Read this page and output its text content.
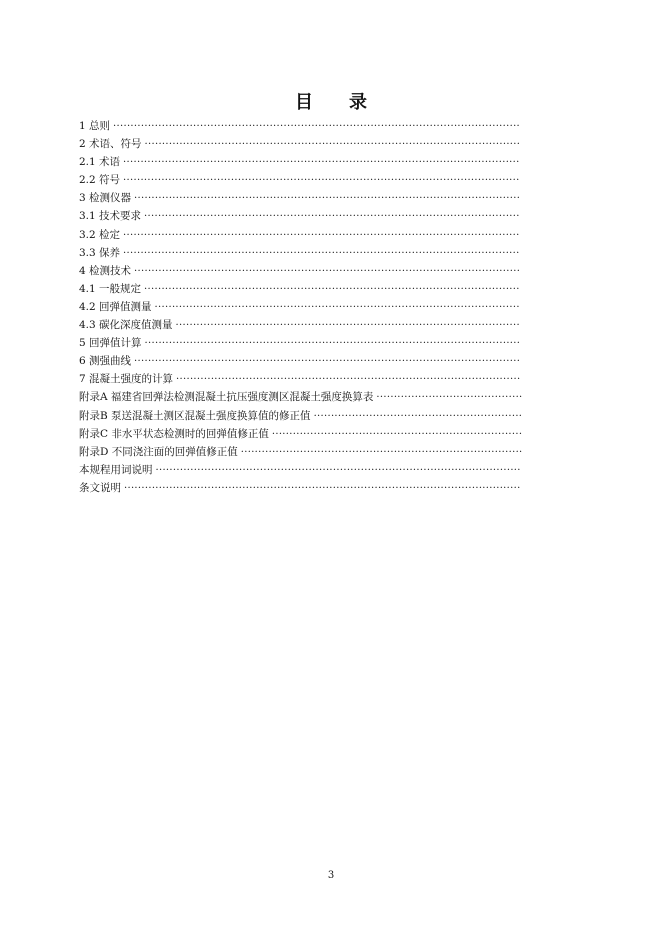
目　　录
1 总则 ·····················································································································
2 术语、符号 ············································································································
2.1 术语 ··················································································································
2.2 符号 ··················································································································
3 检测仪器 ···············································································································
3.1 技术要求 ············································································································
3.2 检定 ··················································································································
3.3 保养 ··················································································································
4 检测技术 ···············································································································
4.1 一般规定 ············································································································
4.2 回弹值测量 ·········································································································
4.3 碳化深度值测量 ···································································································
5 回弹值计算 ············································································································
6 测强曲线 ···············································································································
7 混凝土强度的计算 ···································································································
附录A 福建省回弹法检测混凝土抗压强度测区混凝土强度换算表 ··········································
附录B 泵送混凝土测区混凝土强度换算值的修正值 ····························································
附录C 非水平状态检测时的回弹值修正值 ········································································
附录D 不同浇注面的回弹值修正值 ·················································································
本规程用词说明 ·········································································································
条文说明 ··················································································································
3
